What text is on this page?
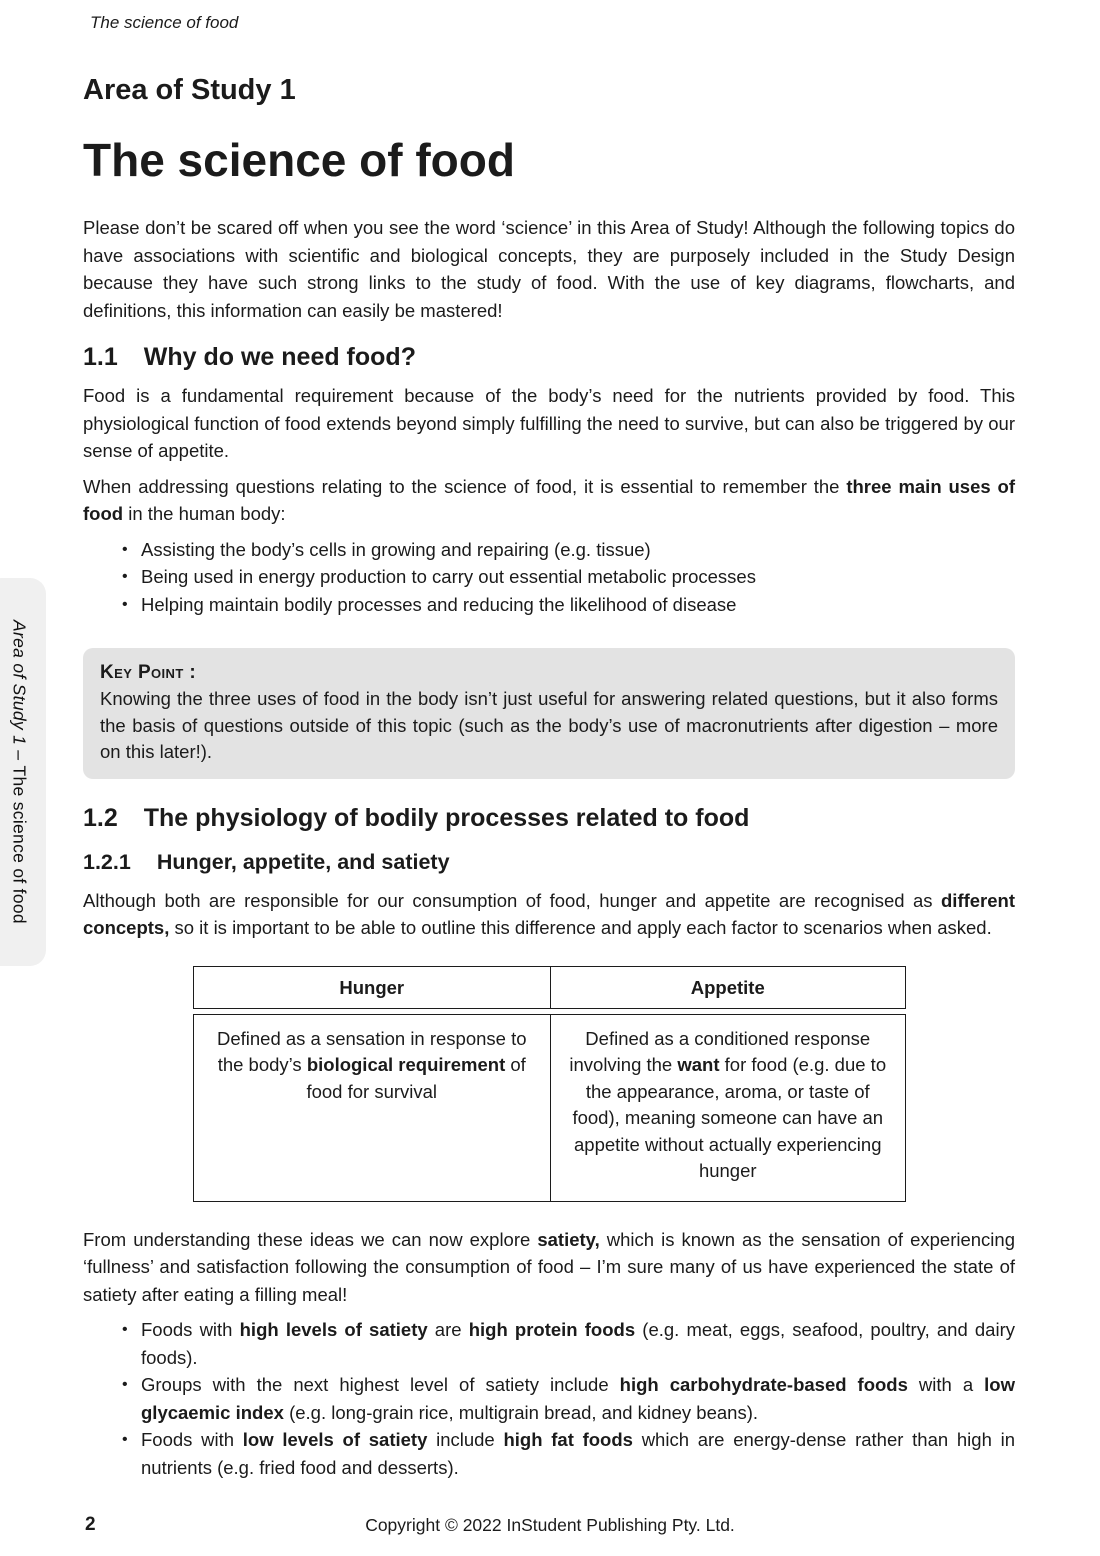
The science of food
Area of Study 1 – The science of food
Area of Study 1
The science of food

Please don’t be scared off when you see the word ‘science’ in this Area of Study! Although the following topics do have associations with scientific and biological concepts, they are purposely included in the Study Design because they have such strong links to the study of food. With the use of key diagrams, flowcharts, and definitions, this information can easily be mastered!

1.1 Why do we need food?

Food is a fundamental requirement because of the body’s need for the nutrients provided by food. This physiological function of food extends beyond simply fulfilling the need to survive, but can also be triggered by our sense of appetite.

When addressing questions relating to the science of food, it is essential to remember the three main uses of food in the human body:

• Assisting the body’s cells in growing and repairing (e.g. tissue)
• Being used in energy production to carry out essential metabolic processes
• Helping maintain bodily processes and reducing the likelihood of disease
Key Point :
Knowing the three uses of food in the body isn’t just useful for answering related questions, but it also forms the basis of questions outside of this topic (such as the body’s use of macronutrients after digestion – more on this later!).
1.2 The physiology of bodily processes related to food
1.2.1 Hunger, appetite, and satiety

Although both are responsible for our consumption of food, hunger and appetite are recognised as different concepts, so it is important to be able to outline this difference and apply each factor to scenarios when asked.

Hunger	Appetite
Defined as a sensation in response to the body’s biological requirement of food for survival
Defined as a conditioned response involving the want for food (e.g. due to the appearance, aroma, or taste of food), meaning someone can have an appetite without actually experiencing hunger

From understanding these ideas we can now explore satiety, which is known as the sensation of experiencing ‘fullness’ and satisfaction following the consumption of food – I’m sure many of us have experienced the state of satiety after eating a filling meal!

• Foods with high levels of satiety are high protein foods (e.g. meat, eggs, seafood, poultry, and dairy foods).
• Groups with the next highest level of satiety include high carbohydrate-based foods with a low glycaemic index (e.g. long-grain rice, multigrain bread, and kidney beans).
• Foods with low levels of satiety include high fat foods which are energy-dense rather than high in nutrients (e.g. fried food and desserts).
2	Copyright © 2022 InStudent Publishing Pty. Ltd.
